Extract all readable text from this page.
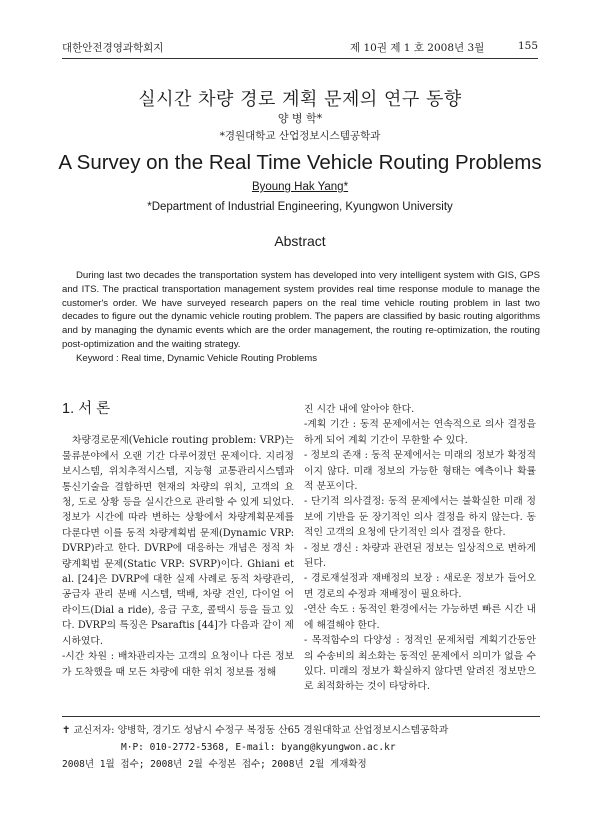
대한안전경영과학회지	제 10권 제 1 호 2008년 3월	155
실시간 차량 경로 계획 문제의 연구 동향
양 병 학*
*경원대학교 산업정보시스템공학과
A Survey on the Real Time Vehicle Routing Problems
Byoung Hak Yang*
*Department of Industrial Engineering, Kyungwon University
Abstract

During last two decades the transportation system has developed into very intelligent system with GIS, GPS and ITS. The practical transportation management system provides real time response module to manage the customer's order. We have surveyed research papers on the real time vehicle routing problem in last two decades to figure out the dynamic vehicle routing problem. The papers are classified by basic routing algorithms and by managing the dynamic events which are the order management, the routing re-optimization, the routing post-optimization and the waiting strategy.

Keyword : Real time, Dynamic Vehicle Routing Problems

1. 서 론

차량경로문제(Vehicle routing problem: VRP)는 물류분야에서 오랜 기간 다루어졌던 문제이다. 지리정보시스템, 위치추적시스템, 지능형 교통관리시스템과 통신기술을 결합하면 현재의 차량의 위치, 고객의 요청, 도로 상황 등을 실시간으로 관리할 수 있게 되었다. 정보가 시간에 따라 변하는 상황에서 차량계획문제를 다룬다면 이를 동적 차량계획법 문제(Dynamic VRP: DVRP)라고 한다. DVRP에 대응하는 개념은 정적 차량계획법 문제(Static VRP: SVRP)이다. Ghiani et al. [24]은 DVRP에 대한 실제 사례로 동적 차량관리, 공급자 관리 분배 시스템, 택배, 차량 견인, 다이얼 어 라이드(Dial a ride), 응급 구호, 콜택시 등을 들고 있다. DVRP의 특징은 Psaraftis [44]가 다음과 같이 제시하였다.

-시간 차원 : 배차관리자는 고객의 요청이나 다른 정보가 도착했을 때 모든 차량에 대한 위치 정보를 정해

진 시간 내에 알아야 한다.

-계획 기간 : 동적 문제에서는 연속적으로 의사 결정을 하게 되어 계획 기간이 무한할 수 있다.

- 정보의 존재 : 동적 문제에서는 미래의 정보가 확정적이지 않다. 미래 정보의 가능한 형태는 예측이나 확률적 분포이다.

- 단기적 의사결정: 동적 문제에서는 불확실한 미래 정보에 기반을 둔 장기적인 의사 결정을 하지 않는다. 동적인 고객의 요청에 단기적인 의사 결정을 한다.

- 정보 갱신 : 차량과 관련된 정보는 일상적으로 변하게 된다.

- 경로재설정과 재배정의 보장 : 새로운 정보가 들어오면 경로의 수정과 재배정이 필요하다.

-연산 속도 : 동적인 환경에서는 가능하면 빠른 시간 내에 해결해야 한다.

- 목적함수의 다양성 : 정적인 문제처럼 계획기간동안의 수송비의 최소화는 동적인 문제에서 의미가 없을 수 있다. 미래의 정보가 확실하지 않다면 알려진 정보만으로 최적화하는 것이 타당하다.

✝ 교신저자: 양병학, 경기도 성남시 수정구 복정동 산65 경원대학교 산업정보시스템공학과

M·P: 010-2772-5368, E-mail: byang@kyungwon.ac.kr

2008년 1월 접수; 2008년 2월 수정본 접수; 2008년 2월 게재확정
